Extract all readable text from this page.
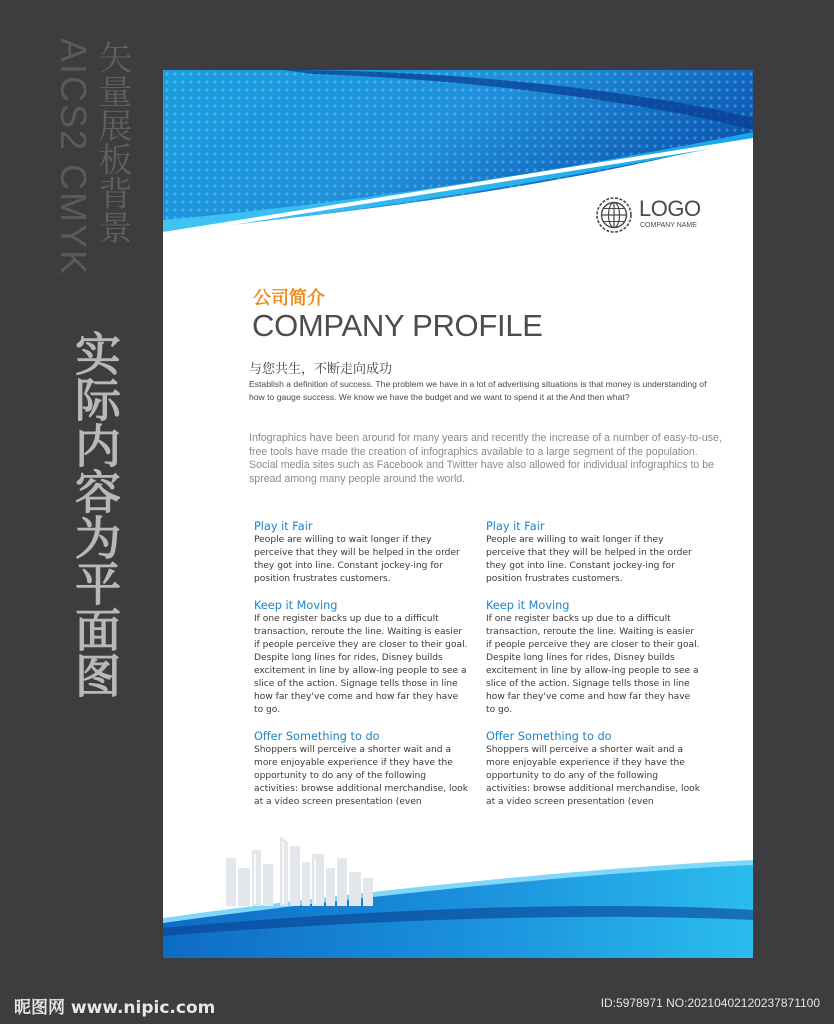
AICS2 CMYK
矢量展板背景
实际内容为平面图
LOGO
COMPANY NAME
公司简介
COMPANY PROFILE
与您共生，不断走向成功
Establish a definition of success. The problem we have in a lot of advertising situations is that money is understanding of how to gauge success. We know we have the budget and we want to spend it at the And then what?
Infographics have been around for many years and recently the increase of a number of easy-to-use, free tools have made the creation of infographics available to a large segment of the population. Social media sites such as Facebook and Twitter have also allowed for individual infographics to be spread among many people around the world.
Play it Fair

People are willing to wait longer if they perceive that they will be helped in the order they got into line. Constant jockey-ing for position frustrates customers.

Keep it Moving

If one register backs up due to a difficult transaction, reroute the line. Waiting is easier if people perceive they are closer to their goal. Despite long lines for rides, Disney builds excitement in line by allow-ing people to see a slice of the action. Signage tells those in line how far they've come and how far they have to go.

Offer Something to do

Shoppers will perceive a shorter wait and a more enjoyable experience if they have the opportunity to do any of the following activities: browse additional merchandise, look at a video screen presentation (even

Play it Fair

People are willing to wait longer if they perceive that they will be helped in the order they got into line. Constant jockey-ing for position frustrates customers.

Keep it Moving

If one register backs up due to a difficult transaction, reroute the line. Waiting is easier if people perceive they are closer to their goal. Despite long lines for rides, Disney builds excitement in line by allow-ing people to see a slice of the action. Signage tells those in line how far they've come and how far they have to go.

Offer Something to do

Shoppers will perceive a shorter wait and a more enjoyable experience if they have the opportunity to do any of the following activities: browse additional merchandise, look at a video screen presentation (even

昵图网 www.nipic.com	ID:5978971 NO:20210402120237871100
